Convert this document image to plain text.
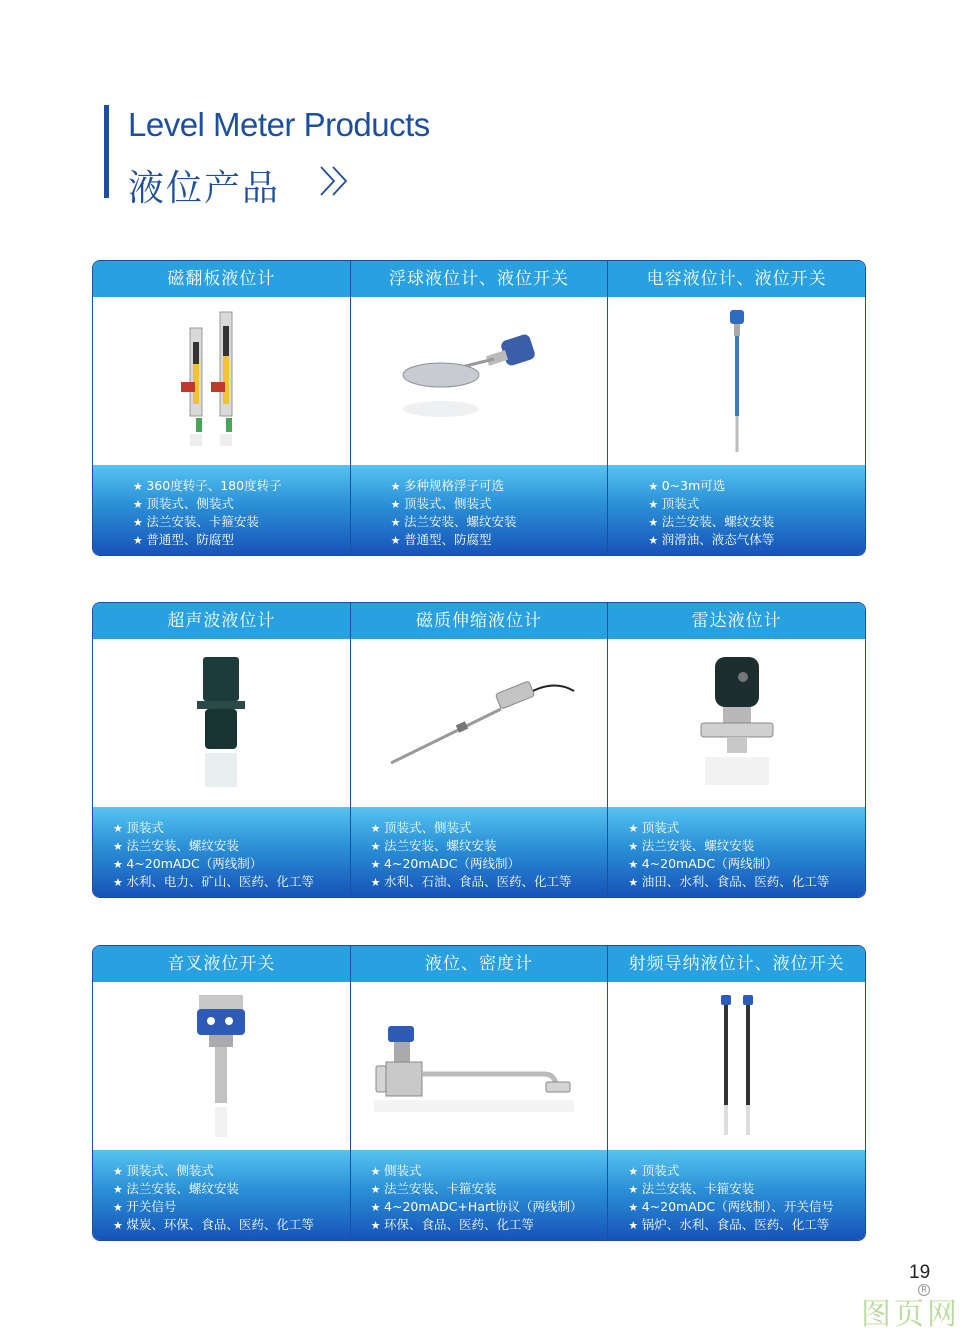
Level Meter Products
液位产品
磁翻板液位计
★ 360度转子、180度转子
★ 顶装式、侧装式
★ 法兰安装、卡箍安装
★ 普通型、防腐型
浮球液位计、液位开关
★ 多种规格浮子可选
★ 顶装式、侧装式
★ 法兰安装、螺纹安装
★ 普通型、防腐型
电容液位计、液位开关
★ 0~3m可选
★ 顶装式
★ 法兰安装、螺纹安装
★ 润滑油、液态气体等
超声波液位计
★ 顶装式
★ 法兰安装、螺纹安装
★ 4~20mADC（两线制）
★ 水利、电力、矿山、医药、化工等
磁质伸缩液位计
★ 顶装式、侧装式
★ 法兰安装、螺纹安装
★ 4~20mADC（两线制）
★ 水利、石油、食品、医药、化工等
雷达液位计
★ 顶装式
★ 法兰安装、螺纹安装
★ 4~20mADC（两线制）
★ 油田、水利、食品、医药、化工等
音叉液位开关
★ 顶装式、侧装式
★ 法兰安装、螺纹安装
★ 开关信号
★ 煤炭、环保、食品、医药、化工等
液位、密度计
★ 侧装式
★ 法兰安装、卡箍安装
★ 4~20mADC+Hart协议（两线制）
★ 环保、食品、医药、化工等
射频导纳液位计、液位开关
★ 顶装式
★ 法兰安装、卡箍安装
★ 4~20mADC（两线制）、开关信号
★ 锅炉、水利、食品、医药、化工等
19
R
图页网
